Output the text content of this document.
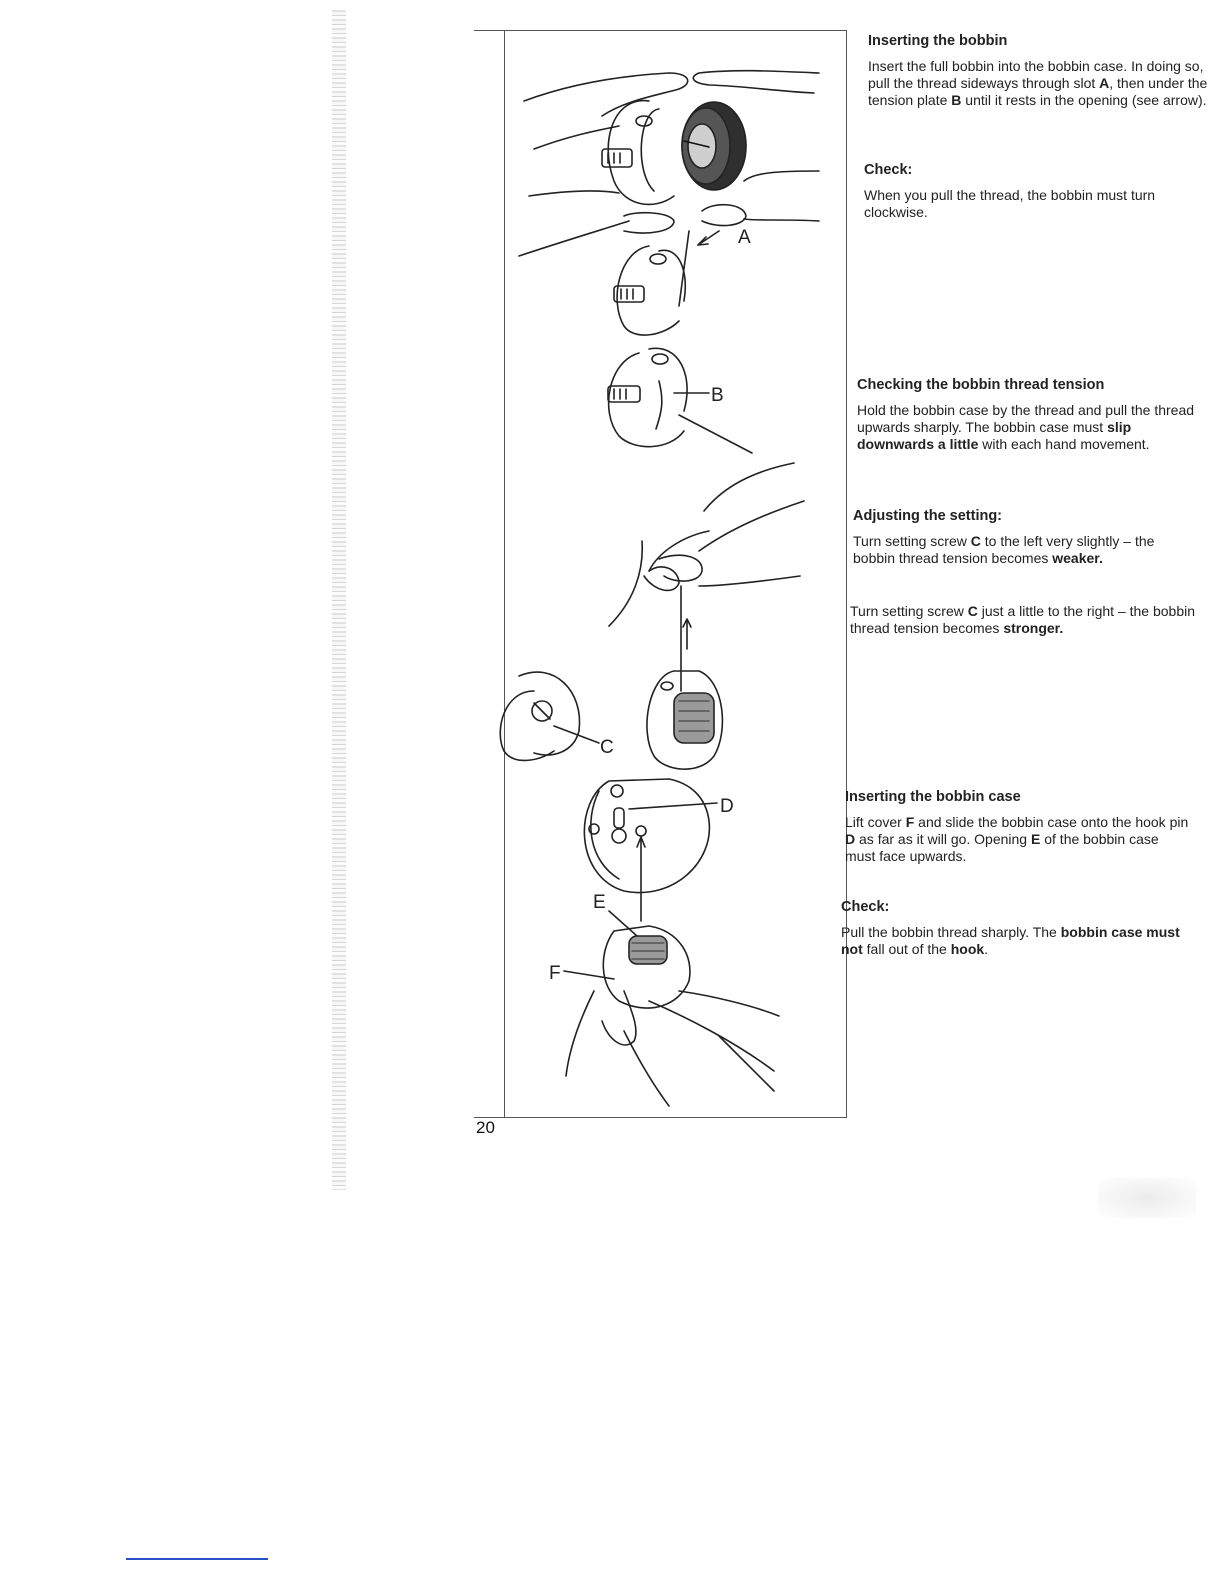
A
B
C
D
E
F
20
Inserting the bobbin

Insert the full bobbin into the bobbin case. In doing so, pull the thread sideways through slot A, then under the tension plate B until it rests in the opening (see arrow).

Check:

When you pull the thread, the bobbin must turn clockwise.

Checking the bobbin thread tension

Hold the bobbin case by the thread and pull the thread upwards sharply. The bobbin case must slip downwards a little with each hand movement.

Adjusting the setting:

Turn setting screw C to the left very slightly – the bobbin thread tension becomes weaker.

Turn setting screw C just a little to the right – the bobbin thread tension becomes stronger.

Inserting the bobbin case

Lift cover F and slide the bobbin case onto the hook pin D as far as it will go. Opening E of the bobbin case must face upwards.

Check:

Pull the bobbin thread sharply. The bobbin case must not fall out of the hook.
